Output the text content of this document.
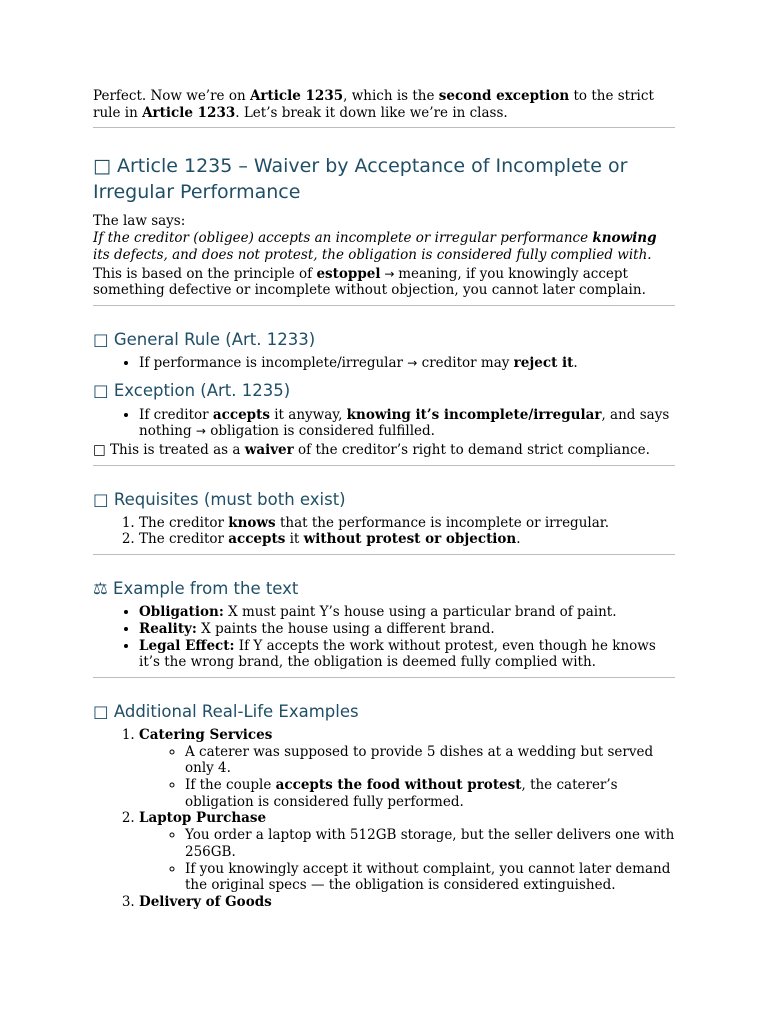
Perfect. Now we’re on Article 1235, which is the second exception to the strict rule in Article 1233. Let’s break it down like we’re in class.

□ Article 1235 – Waiver by Acceptance of Incomplete or Irregular Performance

The law says:

If the creditor (obligee) accepts an incomplete or irregular performance knowing its defects, and does not protest, the obligation is considered fully complied with.

This is based on the principle of estoppel → meaning, if you knowingly accept something defective or incomplete without objection, you cannot later complain.

□ General Rule (Art. 1233)
• If performance is incomplete/irregular → creditor may reject it.
□ Exception (Art. 1235)
• If creditor accepts it anyway, knowing it’s incomplete/irregular, and says nothing → obligation is considered fulfilled.

□ This is treated as a waiver of the creditor’s right to demand strict compliance.

□ Requisites (must both exist)
1. The creditor knows that the performance is incomplete or irregular.
2. The creditor accepts it without protest or objection.
⚖ Example from the text
• Obligation: X must paint Y’s house using a particular brand of paint.
• Reality: X paints the house using a different brand.
• Legal Effect: If Y accepts the work without protest, even though he knows it’s the wrong brand, the obligation is deemed fully complied with.
□ Additional Real-Life Examples
1. Catering Services
◦ A caterer was supposed to provide 5 dishes at a wedding but served only 4.
◦ If the couple accepts the food without protest, the caterer’s obligation is considered fully performed.
2. Laptop Purchase
◦ You order a laptop with 512GB storage, but the seller delivers one with 256GB.
◦ If you knowingly accept it without complaint, you cannot later demand the original specs — the obligation is considered extinguished.
3. Delivery of Goods
